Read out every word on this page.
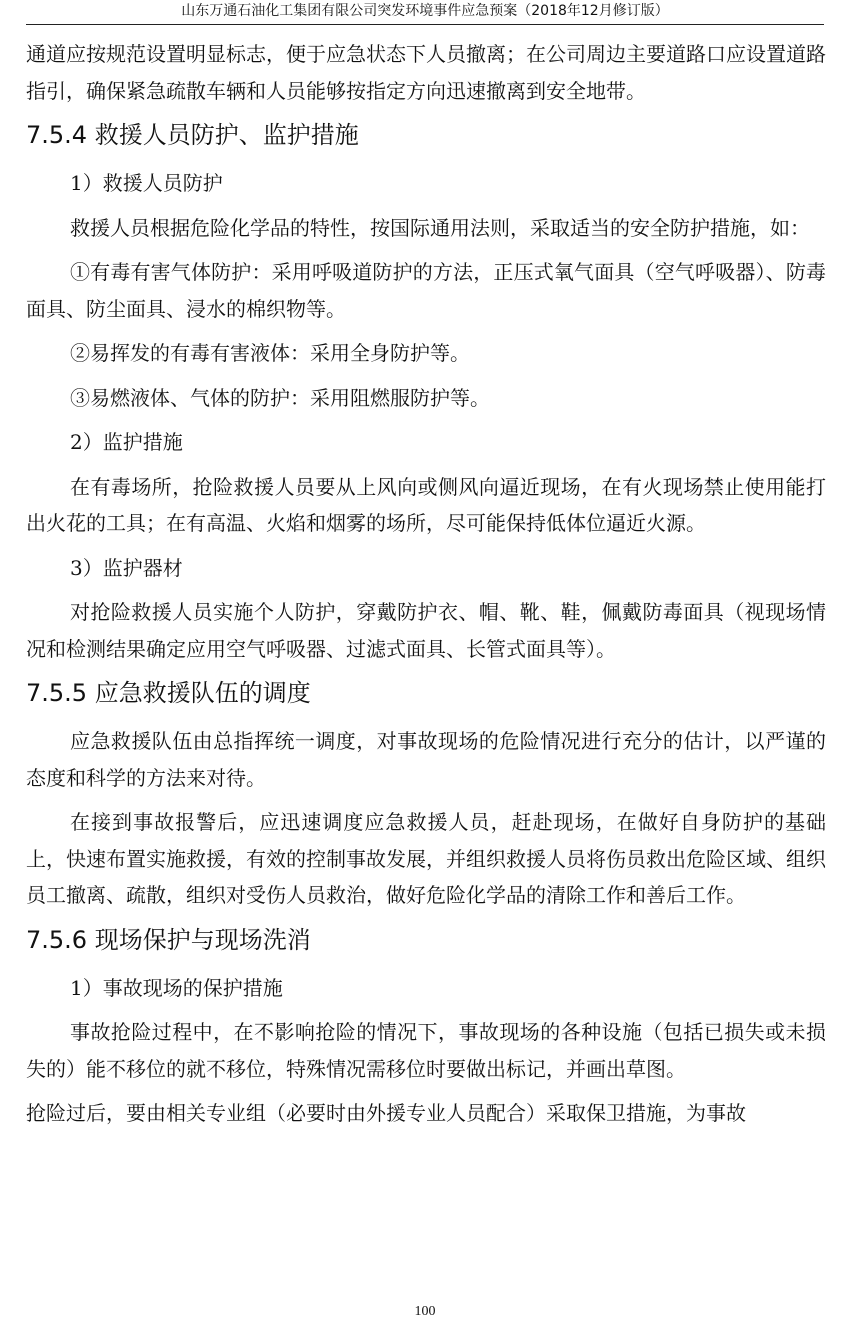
山东万通石油化工集团有限公司突发环境事件应急预案（2018年12月修订版）
通道应按规范设置明显标志，便于应急状态下人员撤离；在公司周边主要道路口应设置道路指引，确保紧急疏散车辆和人员能够按指定方向迅速撤离到安全地带。
7.5.4 救援人员防护、监护措施
1）救援人员防护
救援人员根据危险化学品的特性，按国际通用法则，采取适当的安全防护措施，如：
①有毒有害气体防护：采用呼吸道防护的方法，正压式氧气面具（空气呼吸器）、防毒面具、防尘面具、浸水的棉织物等。
②易挥发的有毒有害液体：采用全身防护等。
③易燃液体、气体的防护：采用阻燃服防护等。
2）监护措施
在有毒场所，抢险救援人员要从上风向或侧风向逼近现场，在有火现场禁止使用能打出火花的工具；在有高温、火焰和烟雾的场所，尽可能保持低体位逼近火源。
3）监护器材
对抢险救援人员实施个人防护，穿戴防护衣、帽、靴、鞋，佩戴防毒面具（视现场情况和检测结果确定应用空气呼吸器、过滤式面具、长管式面具等）。
7.5.5 应急救援队伍的调度
应急救援队伍由总指挥统一调度，对事故现场的危险情况进行充分的估计，以严谨的态度和科学的方法来对待。
在接到事故报警后，应迅速调度应急救援人员，赶赴现场，在做好自身防护的基础上，快速布置实施救援，有效的控制事故发展，并组织救援人员将伤员救出危险区域、组织员工撤离、疏散，组织对受伤人员救治，做好危险化学品的清除工作和善后工作。
7.5.6 现场保护与现场洗消
1）事故现场的保护措施
事故抢险过程中，在不影响抢险的情况下，事故现场的各种设施（包括已损失或未损失的）能不移位的就不移位，特殊情况需移位时要做出标记，并画出草图。
抢险过后，要由相关专业组（必要时由外援专业人员配合）采取保卫措施，为事故
100
